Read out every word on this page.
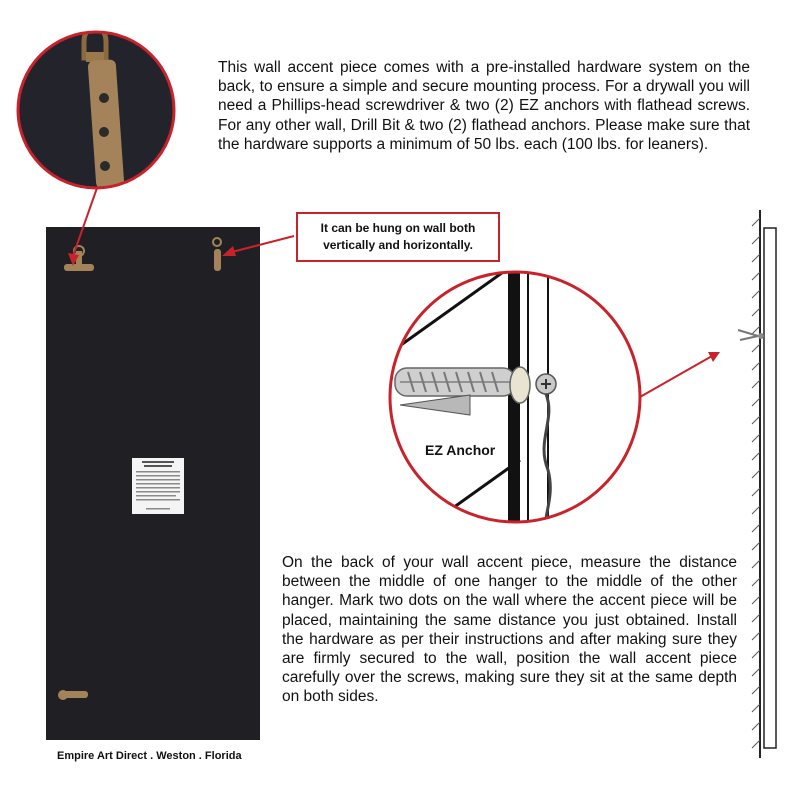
This wall accent piece comes with a pre-installed hardware system on the back, to ensure a simple and secure mounting process. For a drywall you will need a Phillips-head screwdriver & two (2) EZ anchors with flathead screws. For any other wall, Drill Bit & two (2) flathead anchors. Please make sure that the hardware supports a minimum of 50 lbs. each (100 lbs. for leaners).
On the back of your wall accent piece, measure the distance between the middle of one hanger to the middle of the other hanger. Mark two dots on the wall where the accent piece will be placed, maintaining the same distance you just obtained. Install the hardware as per their instructions and after making sure they are firmly secured to the wall, position the wall accent piece carefully over the screws, making sure they sit at the same depth on both sides.
It can be hung on wall both vertically and horizontally.
EZ Anchor
Empire Art Direct . Weston . Florida
